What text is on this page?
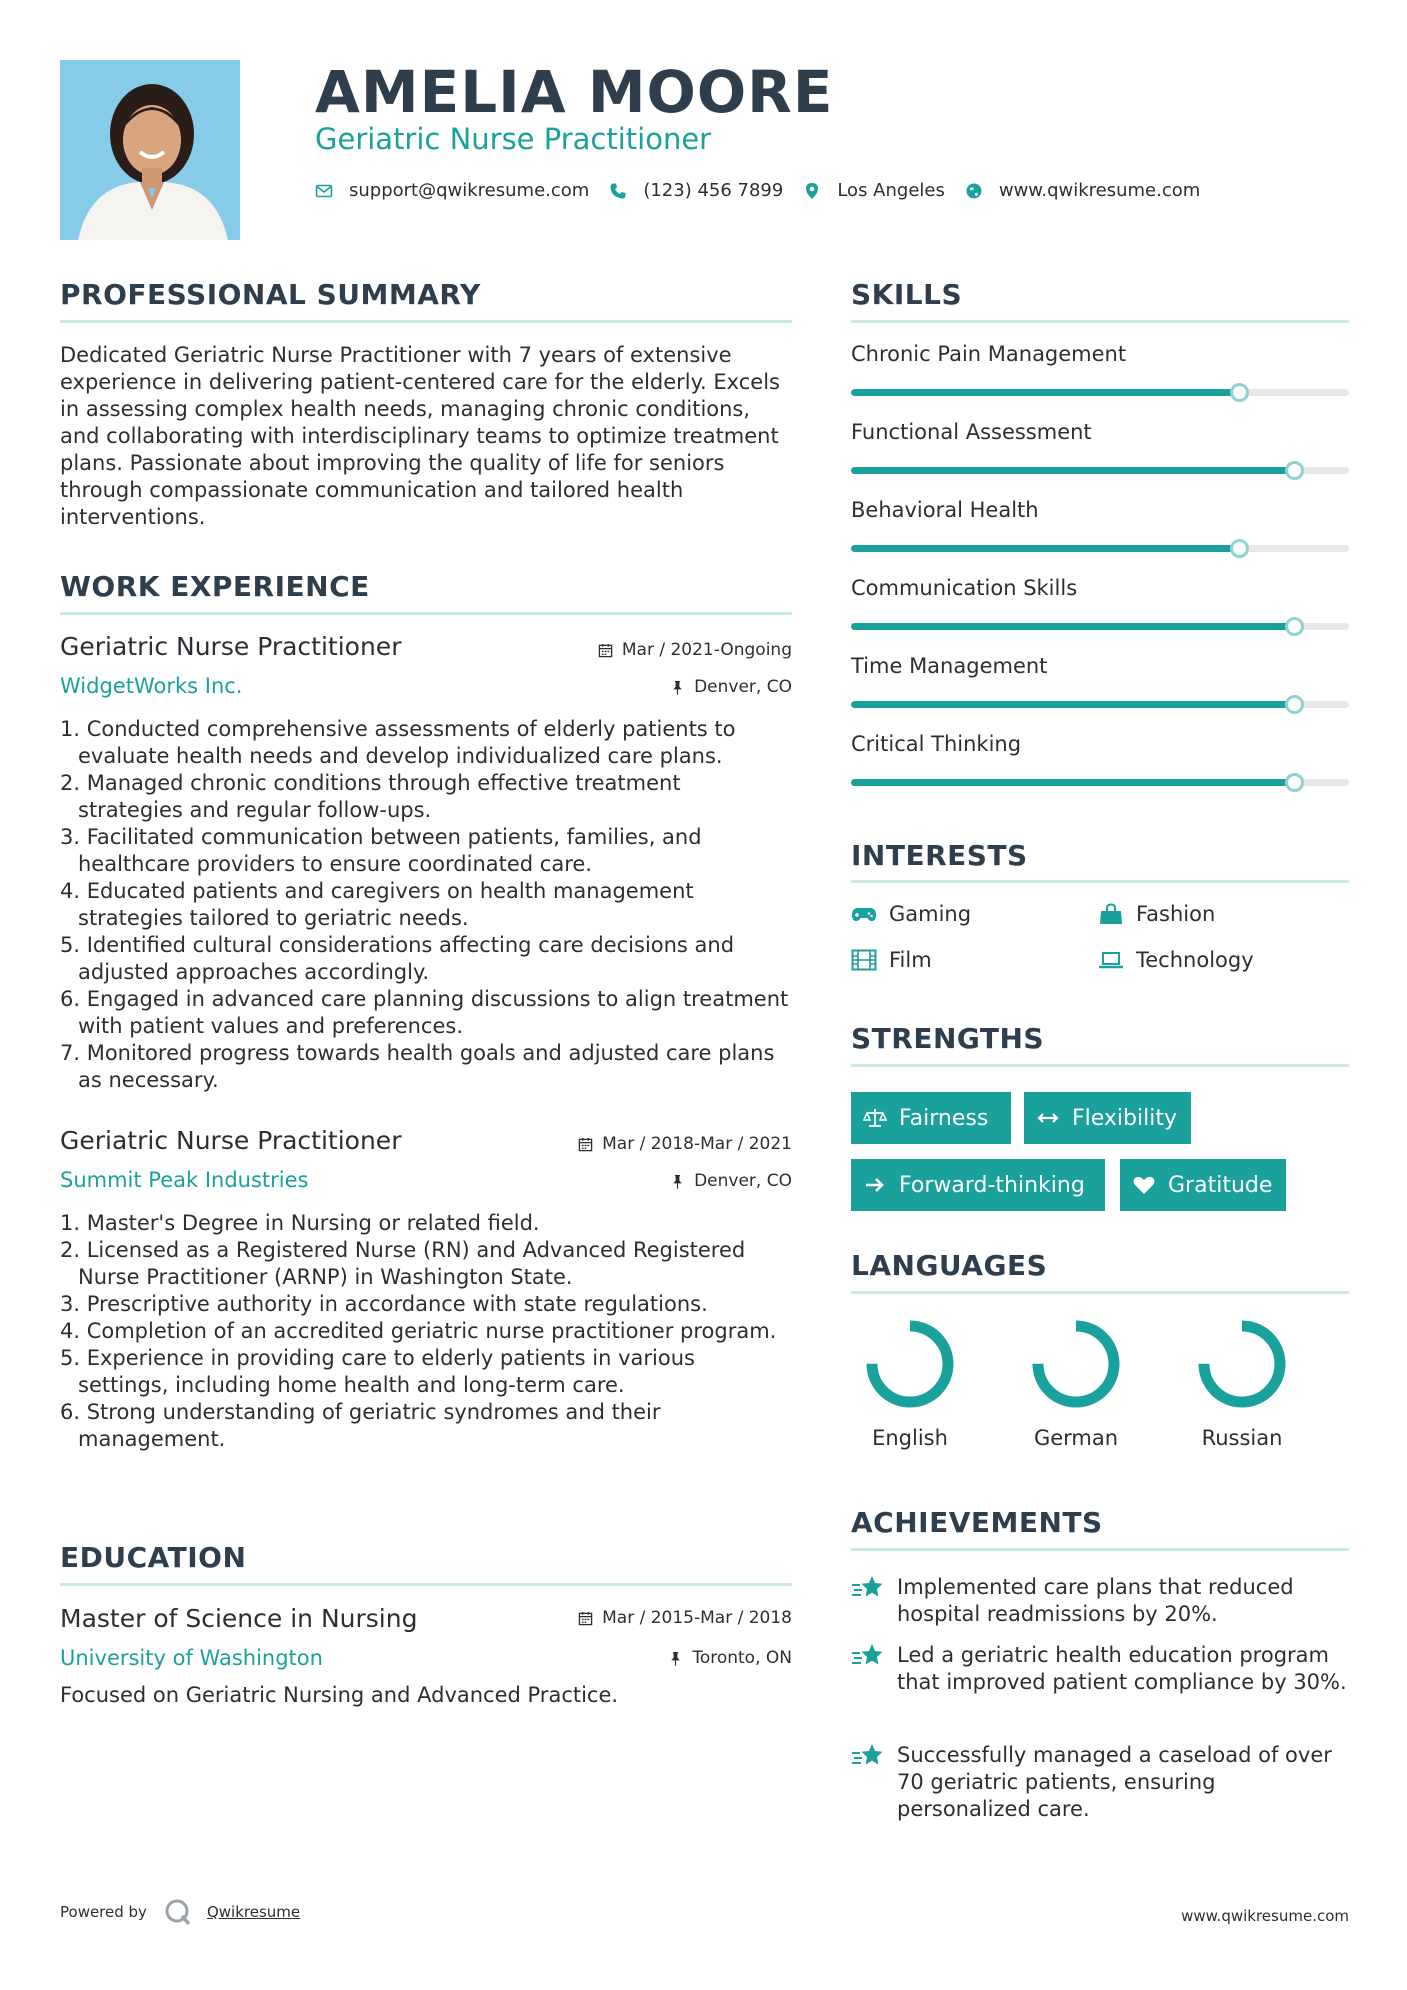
AMELIA MOORE
Geriatric Nurse Practitioner
support@qwikresume.com	(123) 456 7899	Los Angeles	www.qwikresume.com
PROFESSIONAL SUMMARY
Dedicated Geriatric Nurse Practitioner with 7 years of extensive experience in delivering patient-centered care for the elderly. Excels in assessing complex health needs, managing chronic conditions, and collaborating with interdisciplinary teams to optimize treatment plans. Passionate about improving the quality of life for seniors through compassionate communication and tailored health interventions.
WORK EXPERIENCE
Geriatric Nurse Practitioner	Mar / 2021-Ongoing
WidgetWorks Inc.	Denver, CO
1. Conducted comprehensive assessments of elderly patients to evaluate health needs and develop individualized care plans.
2. Managed chronic conditions through effective treatment strategies and regular follow-ups.
3. Facilitated communication between patients, families, and healthcare providers to ensure coordinated care.
4. Educated patients and caregivers on health management strategies tailored to geriatric needs.
5. Identified cultural considerations affecting care decisions and adjusted approaches accordingly.
6. Engaged in advanced care planning discussions to align treatment with patient values and preferences.
7. Monitored progress towards health goals and adjusted care plans as necessary.
Geriatric Nurse Practitioner	Mar / 2018-Mar / 2021
Summit Peak Industries	Denver, CO
1. Master's Degree in Nursing or related field.
2. Licensed as a Registered Nurse (RN) and Advanced Registered Nurse Practitioner (ARNP) in Washington State.
3. Prescriptive authority in accordance with state regulations.
4. Completion of an accredited geriatric nurse practitioner program.
5. Experience in providing care to elderly patients in various settings, including home health and long-term care.
6. Strong understanding of geriatric syndromes and their management.
EDUCATION
Master of Science in Nursing	Mar / 2015-Mar / 2018
University of Washington	Toronto, ON
Focused on Geriatric Nursing and Advanced Practice.
SKILLS
Chronic Pain Management
Functional Assessment
Behavioral Health
Communication Skills
Time Management
Critical Thinking
INTERESTS
Gaming	Fashion
Film	Technology
STRENGTHS
Fairness	Flexibility
Forward-thinking	Gratitude
LANGUAGES
English	German	Russian
ACHIEVEMENTS
Implemented care plans that reduced hospital readmissions by 20%.
Led a geriatric health education program that improved patient compliance by 30%.
Successfully managed a caseload of over 70 geriatric patients, ensuring personalized care.
Powered by	Qwikresume	www.qwikresume.com
